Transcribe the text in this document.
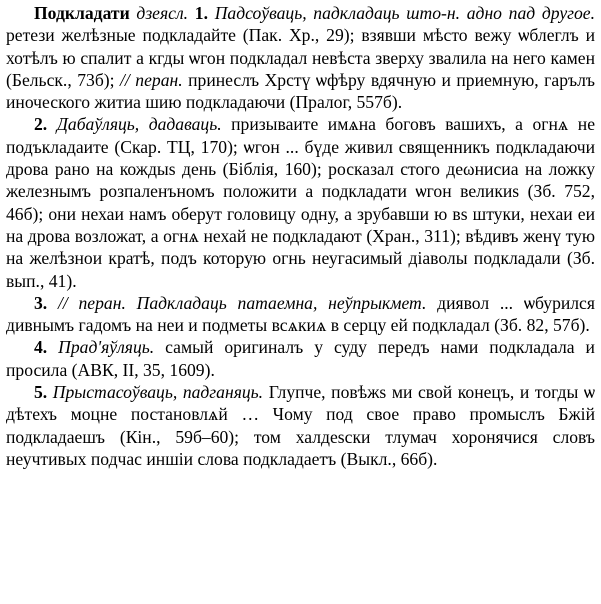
Подкладати дзеясл. 1. Падсоўваць, падкладаць што-н. адно пад другое. ретези желѣзные подкладайте (Пак. Хр., 29); взявши мѣсто вежу ѡблеглъ и хотѣлъ ю спалит а кгды ѡгон подкладал невѣста зверху звалила на него камен (Бельск., 73б); // перан. принеслъ Хрстү ѡфѣру вдячную и приемную, гарълъ иноческого житиа шию подкладаючи (Пралог, 557б).

2. Дабаўляць, дадаваць. призываите имѧна боговъ вашихъ, а огнѧ не подъкладаите (Скар. ТЦ, 170); ѡгон ... бүде живил священникъ подкладаючи дрова рано на кождыѕ день (Біблія, 160); росказал стого деωнисиа на ложку железнымъ розпаленъномъ положити а подкладати ѡгон великиѕ (Зб. 752, 46б); они нехаи намъ оберут головицу одну, а зрубавши ю вѕ штуки, нехаи еи на дрова возложат, а огнѧ нехай не подкладают (Хран., 311); вѣдивъ женү тую на желѣзнои кратѣ, подъ которую огнь неугасимый діаволы подкладали (Зб. вып., 41).

3. // перан. Падкладаць патаемна, неўпрыкмет. диявол ... ѡбурился дивнымъ гадомъ на неи и подметы всѧкиѧ в серцу ей подкладал (Зб. 82, 57б).

4. Прад'яўляць. самый оригиналъ у суду передъ нами подкладала и просила (АВК, ІІ, 35, 1609).

5. Прыстасоўваць, падганяць. Глупче, повѣжѕ ми свой конецъ, и тогды ѡ дѣтехъ моцне постановлѧй … Чому под свое право промыслъ Бжій подкладаешъ (Кін., 59б–60); том халдеѕски тлумач хоронячися словъ неучтивых подчас иншіи слова подкладаетъ (Выкл., 66б).
